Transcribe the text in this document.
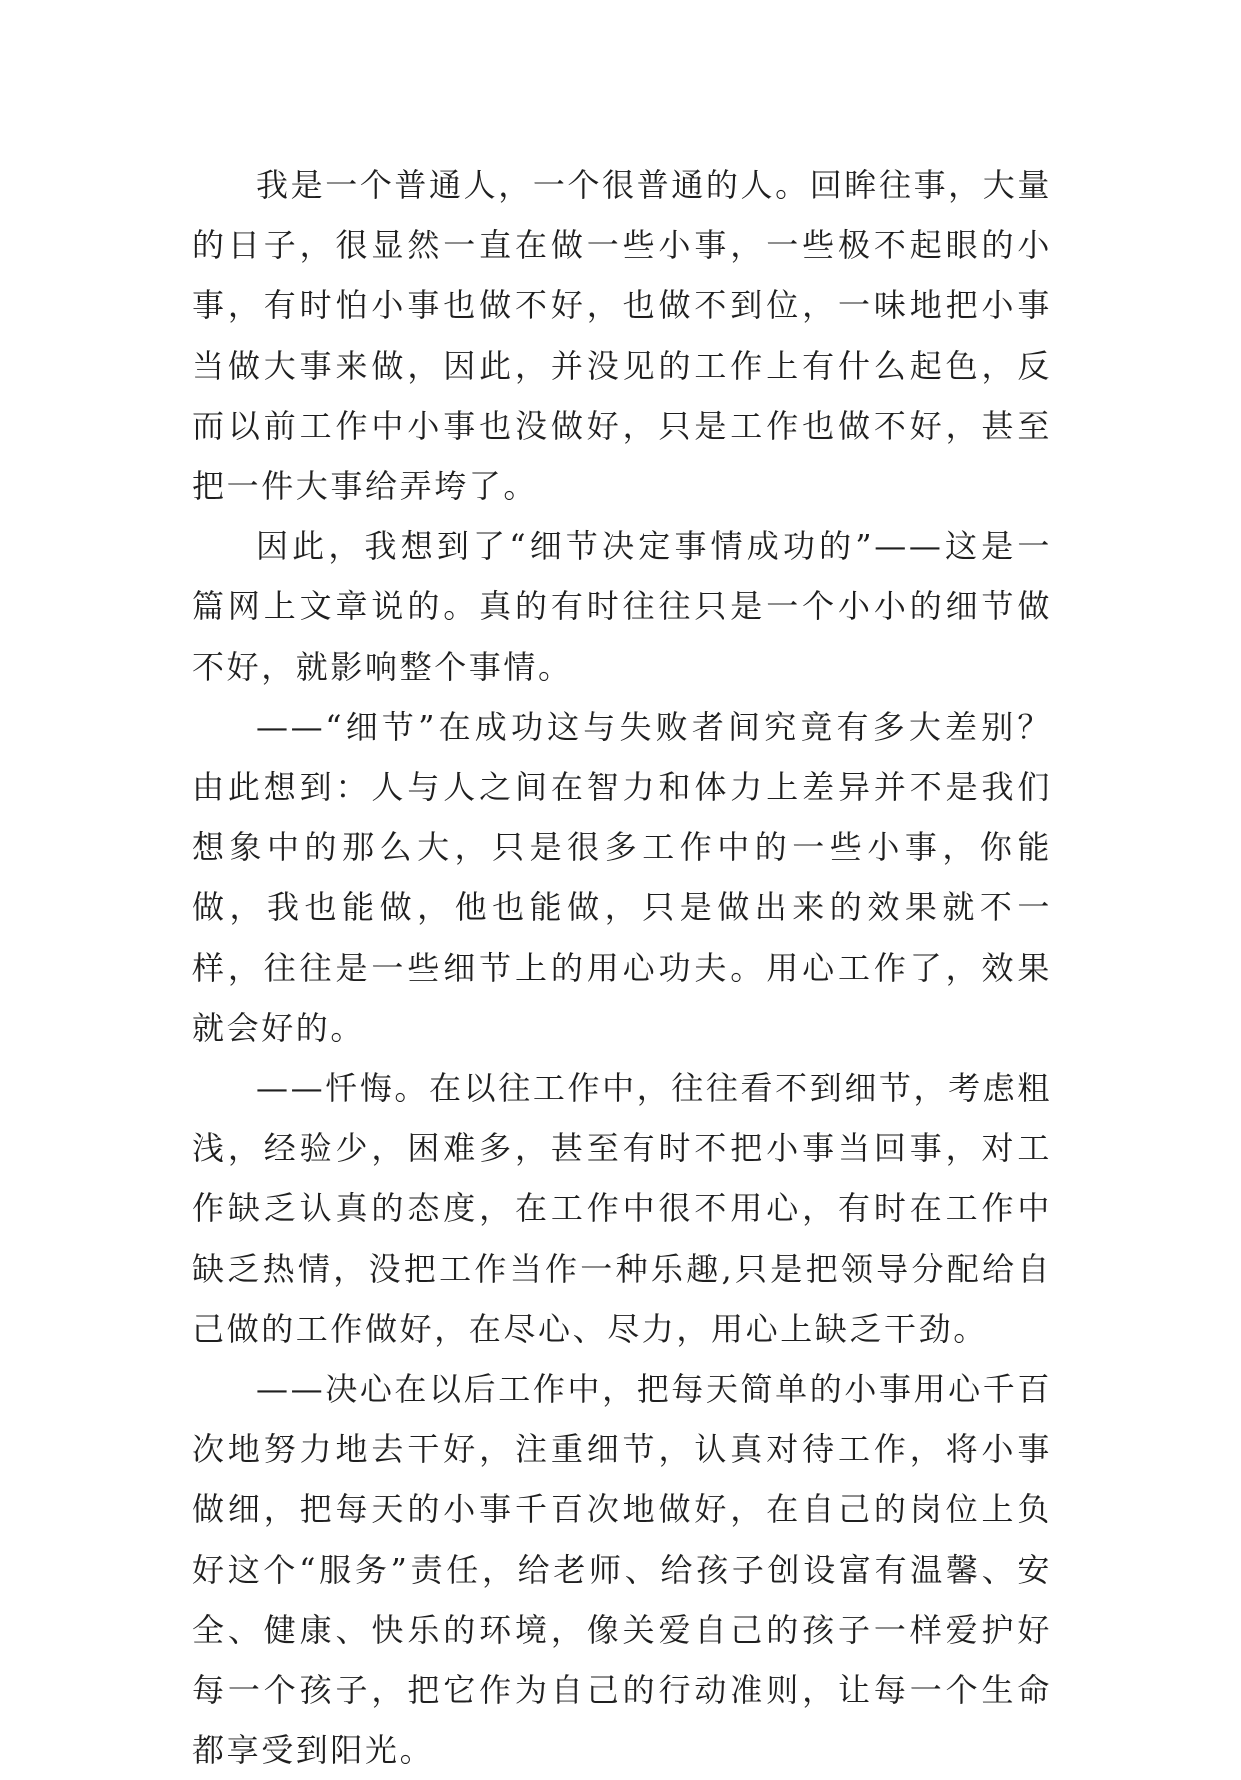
我是一个普通人，一个很普通的人。回眸往事，大量的日子，很显然一直在做一些小事，一些极不起眼的小事，有时怕小事也做不好，也做不到位，一味地把小事当做大事来做，因此，并没见的工作上有什么起色，反而以前工作中小事也没做好，只是工作也做不好，甚至把一件大事给弄垮了。

因此，我想到了“细节决定事情成功的”——这是一篇网上文章说的。真的有时往往只是一个小小的细节做不好，就影响整个事情。

——“细节”在成功这与失败者间究竟有多大差别？由此想到：人与人之间在智力和体力上差异并不是我们想象中的那么大，只是很多工作中的一些小事，你能做，我也能做，他也能做，只是做出来的效果就不一样，往往是一些细节上的用心功夫。用心工作了，效果就会好的。

——忏悔。在以往工作中，往往看不到细节，考虑粗浅，经验少，困难多，甚至有时不把小事当回事，对工作缺乏认真的态度，在工作中很不用心，有时在工作中缺乏热情，没把工作当作一种乐趣,只是把领导分配给自己做的工作做好，在尽心、尽力，用心上缺乏干劲。

——决心在以后工作中，把每天简单的小事用心千百次地努力地去干好，注重细节，认真对待工作，将小事做细，把每天的小事千百次地做好，在自己的岗位上负好这个“服务”责任，给老师、给孩子创设富有温馨、安全、健康、快乐的环境，像关爱自己的孩子一样爱护好每一个孩子，把它作为自己的行动准则，让每一个生命都享受到阳光。
